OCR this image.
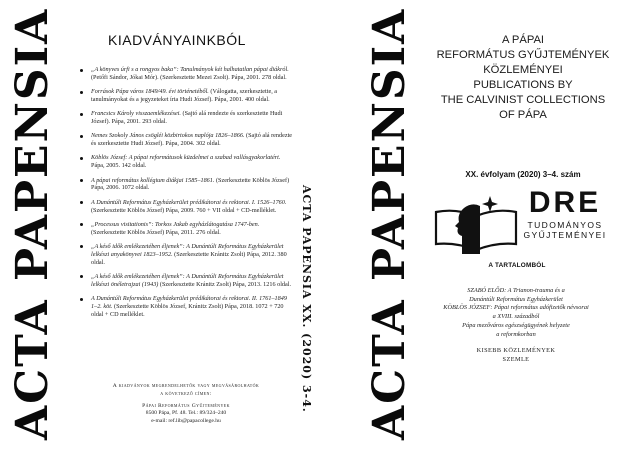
ACTA PAPENSIA	KIADVÁNYAINKBÓL
„A könyves úrfi s a rongyos baka”: Tanulmányok két halhatatlan pápai diákról. (Petőfi Sándor, Jókai Mór). (Szerkesztette Mezei Zsolt). Pápa, 2001. 278 oldal.
Források Pápa város 1849/49. évi történetéből. (Válogatta, szerkesztette, a tanulmányokat és a jegyzeteket írta Hudi József). Pápa, 2001. 400 oldal.
Francsics Károly visszaemlékezései. (Sajtó alá rendezte és szerkesztette Hudi József). Pápa, 2001. 293 oldal.
Nemes Szokoly János csögléi közbirtokos naplója 1826–1866. (Sajtó alá rendezte és szerkesztette Hudi József). Pápa, 2004. 302 oldal.
Köblös József: A pápai reformátusok küzdelmei a szabad vallásgyakorlatért. Pápa, 2005. 142 oldal.
A pápai református kollégium diákjai 1585–1861. (Szerkesztette Köblös József) Pápa, 2006. 1072 oldal.
A Dunántúli Református Egyházkerület prédikátorai és rektorai. I. 1526–1760. (Szerkesztette Köblös József) Pápa, 2009. 760 + VII oldal + CD-melléklet.
„Processus visitationis”: Torkos Jakab egyházlátogatása 1747-ben. (Szerkesztette Köblös József) Pápa, 2011. 276 oldal.
„A késő idők emlékezetében éljenek”: A Dunántúli Református Egyházkerület lelkészi anyakönyvei 1823–1952. (Szerkesztette Kránitz Zsolt) Pápa, 2012. 380 oldal.
„A késő idők emlékezetében éljenek”: A Dunántúli Református Egyházkerület lelkészi önéletrajzai (1943) (Szerkesztette Kránitz Zsolt) Pápa, 2013. 1216 oldal.
A Dunántúli Református Egyházkerület prédikátorai és rektorai. II. 1761–1849 1–2. köt. (Szerkesztette Köblös József, Kránitz Zsolt) Pápa, 2018. 1072 + 720 oldal + CD melléklet.
A kiadványok megrendelhetők vagy megvásárolhatók
a következő címen:
Pápai Református Gyűjtemények
8500 Pápa, Pf. 48. Tel.: 89/324–240
e-mail: ref.lib@papacollege.hu
ACTA PAPENSIA XX. (2020) 3-4. ACTA PAPENSIA	A PÁPAI
REFORMÁTUS GYŰJTEMÉNYEK
KÖZLEMÉNYEI
PUBLICATIONS BY
THE CALVINIST COLLECTIONS
OF PÁPA
XX. évfolyam (2020) 3–4. szám
DRE
TUDOMÁNYOS
GYŰJTEMÉNYEI
A TARTALOMBÓL
SZABÓ ELŐD: A Trianon-trauma és a
Dunántúli Református Egyházkerület
KÖBLÖS JÓZSEF: Pápai református adófizetők névsorai
a XVIII. századból
Pápa mezőváros egészségügyének helyzete
a reformkorban
KISEBB KÖZLEMÉNYEK
SZEMLE
